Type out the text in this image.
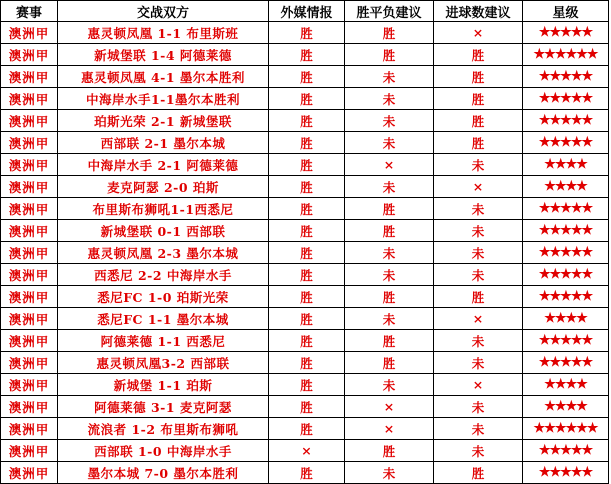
赛事	交战双方	外媒情报	胜平负建议	进球数建议	星级
澳洲甲	惠灵顿凤凰 1-1 布里斯班	胜	胜	×	★★★★★
澳洲甲	新城堡联 1-4 阿德莱德	胜	胜	胜	★★★★★★
澳洲甲	惠灵顿凤凰 4-1 墨尔本胜利	胜	未	胜	★★★★★
澳洲甲	中海岸水手1-1墨尔本胜利	胜	未	胜	★★★★★
澳洲甲	珀斯光荣 2-1 新城堡联	胜	未	胜	★★★★★
澳洲甲	西部联 2-1 墨尔本城	胜	未	胜	★★★★★
澳洲甲	中海岸水手 2-1 阿德莱德	胜	×	未	★★★★
澳洲甲	麦克阿瑟 2-0 珀斯	胜	未	×	★★★★
澳洲甲	布里斯布狮吼1-1西悉尼	胜	胜	未	★★★★★
澳洲甲	新城堡联 0-1 西部联	胜	胜	未	★★★★★
澳洲甲	惠灵顿凤凰 2-3 墨尔本城	胜	未	未	★★★★★
澳洲甲	西悉尼 2-2 中海岸水手	胜	未	未	★★★★★
澳洲甲	悉尼FC 1-0 珀斯光荣	胜	胜	胜	★★★★★
澳洲甲	悉尼FC 1-1 墨尔本城	胜	未	×	★★★★
澳洲甲	阿德莱德 1-1 西悉尼	胜	胜	未	★★★★★
澳洲甲	惠灵顿凤凰3-2 西部联	胜	胜	未	★★★★★
澳洲甲	新城堡 1-1 珀斯	胜	未	×	★★★★
澳洲甲	阿德莱德 3-1 麦克阿瑟	胜	×	未	★★★★
澳洲甲	流浪者 1-2 布里斯布狮吼	胜	×	未	★★★★★★
澳洲甲	西部联 1-0 中海岸水手	×	胜	未	★★★★★
澳洲甲	墨尔本城 7-0 墨尔本胜利	胜	未	胜	★★★★★
